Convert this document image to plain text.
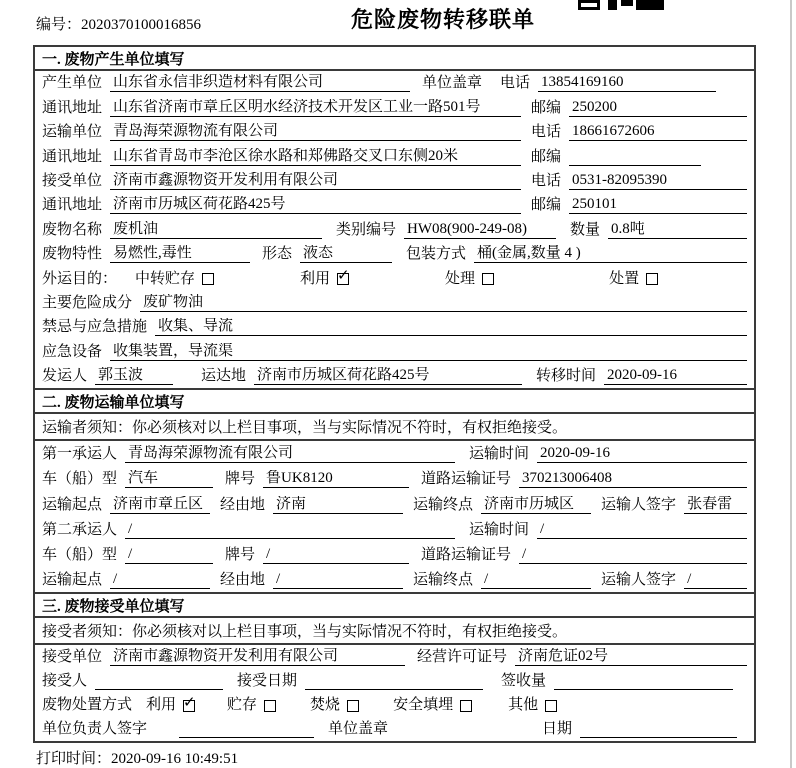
编号：2020370100016856	危险废物转移联单
一. 废物产生单位填写
产生单位 山东省永信非织造材料有限公司	单位盖章 电话 13854169160
通讯地址 山东省济南市章丘区明水经济技术开发区工业一路501号	邮编 250200
运输单位 青岛海荣源物流有限公司	电话 18661672606
通讯地址 山东省青岛市李沧区徐水路和郑佛路交叉口东侧20米	邮编
接受单位 济南市鑫源物资开发利用有限公司	电话 0531-82095390
通讯地址 济南市历城区荷花路425号	邮编 250101
废物名称 废机油	类别编号 HW08(900-249-08)	数量 0.8吨
废物特性 易燃性,毒性	形态 液态	包装方式 桶(金属,数量 4 )
外运目的： 中转贮存	利用 ✓	处理	处置
主要危险成分 废矿物油
禁忌与应急措施 收集、导流
应急设备 收集装置，导流渠
发运人 郭玉波	运达地 济南市历城区荷花路425号	转移时间 2020-09-16
二. 废物运输单位填写
运输者须知：你必须核对以上栏目事项，当与实际情况不符时，有权拒绝接受。
第一承运人 青岛海荣源物流有限公司	运输时间 2020-09-16
车（船）型 汽车	牌号 鲁UK8120	道路运输证号 370213006408
运输起点 济南市章丘区	经由地 济南	运输终点 济南市历城区	运输人签字 张春雷
第二承运人 /	运输时间 /
车（船）型 /	牌号 /	道路运输证号 /
运输起点 /	经由地 /	运输终点 /	运输人签字 /
三. 废物接受单位填写
接受者须知：你必须核对以上栏目事项，当与实际情况不符时，有权拒绝接受。
接受单位 济南市鑫源物资开发利用有限公司	经营许可证号 济南危证02号
接受人	接受日期	签收量
废物处置方式 利用 ✓	贮存	焚烧	安全填埋	其他
单位负责人签字	单位盖章	日期
打印时间：2020-09-16 10:49:51
